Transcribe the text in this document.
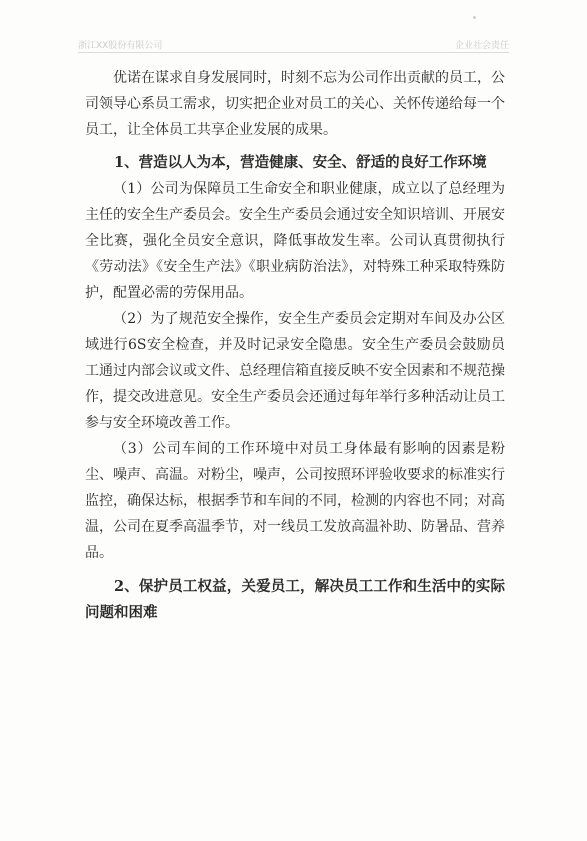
浙江XX股份有限公司	企业社会责任

优诺在谋求自身发展同时，时刻不忘为公司作出贡献的员工，公司领导心系员工需求，切实把企业对员工的关心、关怀传递给每一个员工，让全体员工共享企业发展的成果。

1、营造以人为本，营造健康、安全、舒适的良好工作环境

（1）公司为保障员工生命安全和职业健康，成立以了总经理为主任的安全生产委员会。安全生产委员会通过安全知识培训、开展安全比赛，强化全员安全意识，降低事故发生率。公司认真贯彻执行《劳动法》《安全生产法》《职业病防治法》，对特殊工种采取特殊防护，配置必需的劳保用品。

（2）为了规范安全操作，安全生产委员会定期对车间及办公区域进行6S安全检查，并及时记录安全隐患。安全生产委员会鼓励员工通过内部会议或文件、总经理信箱直接反映不安全因素和不规范操作，提交改进意见。安全生产委员会还通过每年举行多种活动让员工参与安全环境改善工作。

（3）公司车间的工作环境中对员工身体最有影响的因素是粉尘、噪声、高温。对粉尘，噪声，公司按照环评验收要求的标准实行监控，确保达标，根据季节和车间的不同，检测的内容也不同；对高温，公司在夏季高温季节，对一线员工发放高温补助、防暑品、营养品。

2、保护员工权益，关爱员工，解决员工工作和生活中的实际问题和困难
